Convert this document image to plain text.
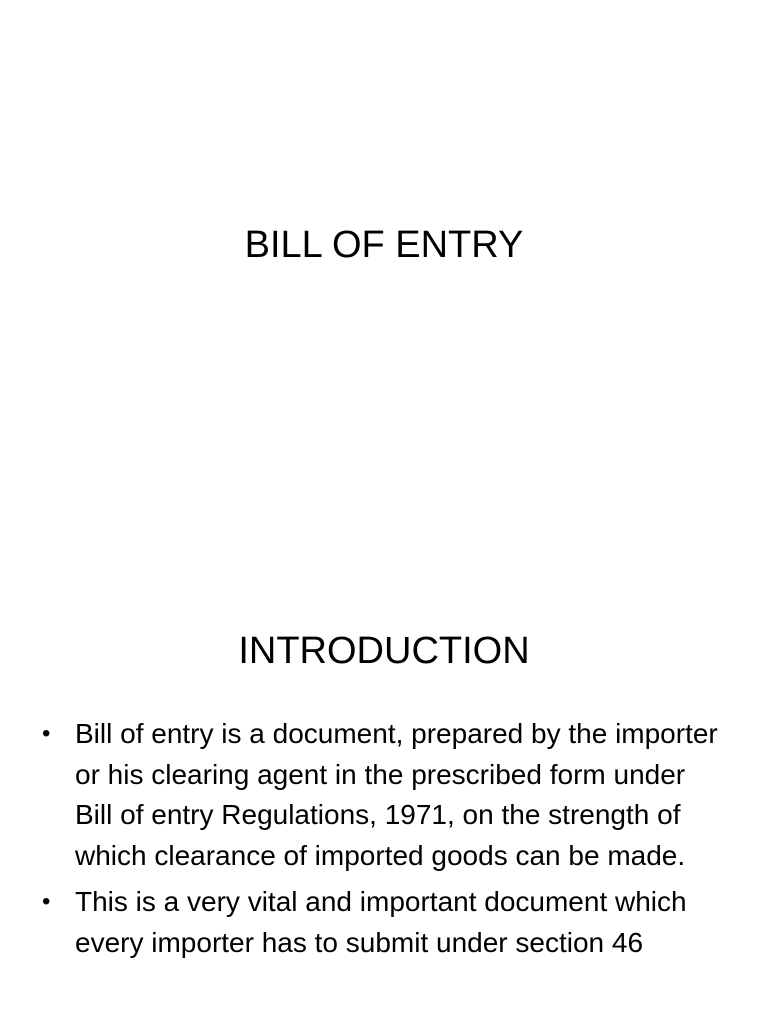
BILL OF ENTRY
INTRODUCTION
• Bill of entry is a document, prepared by the importer or his clearing agent in the prescribed form under Bill of entry Regulations, 1971, on the strength of which clearance of imported goods can be made.
• This is a very vital and important document which every importer has to submit under section 46
